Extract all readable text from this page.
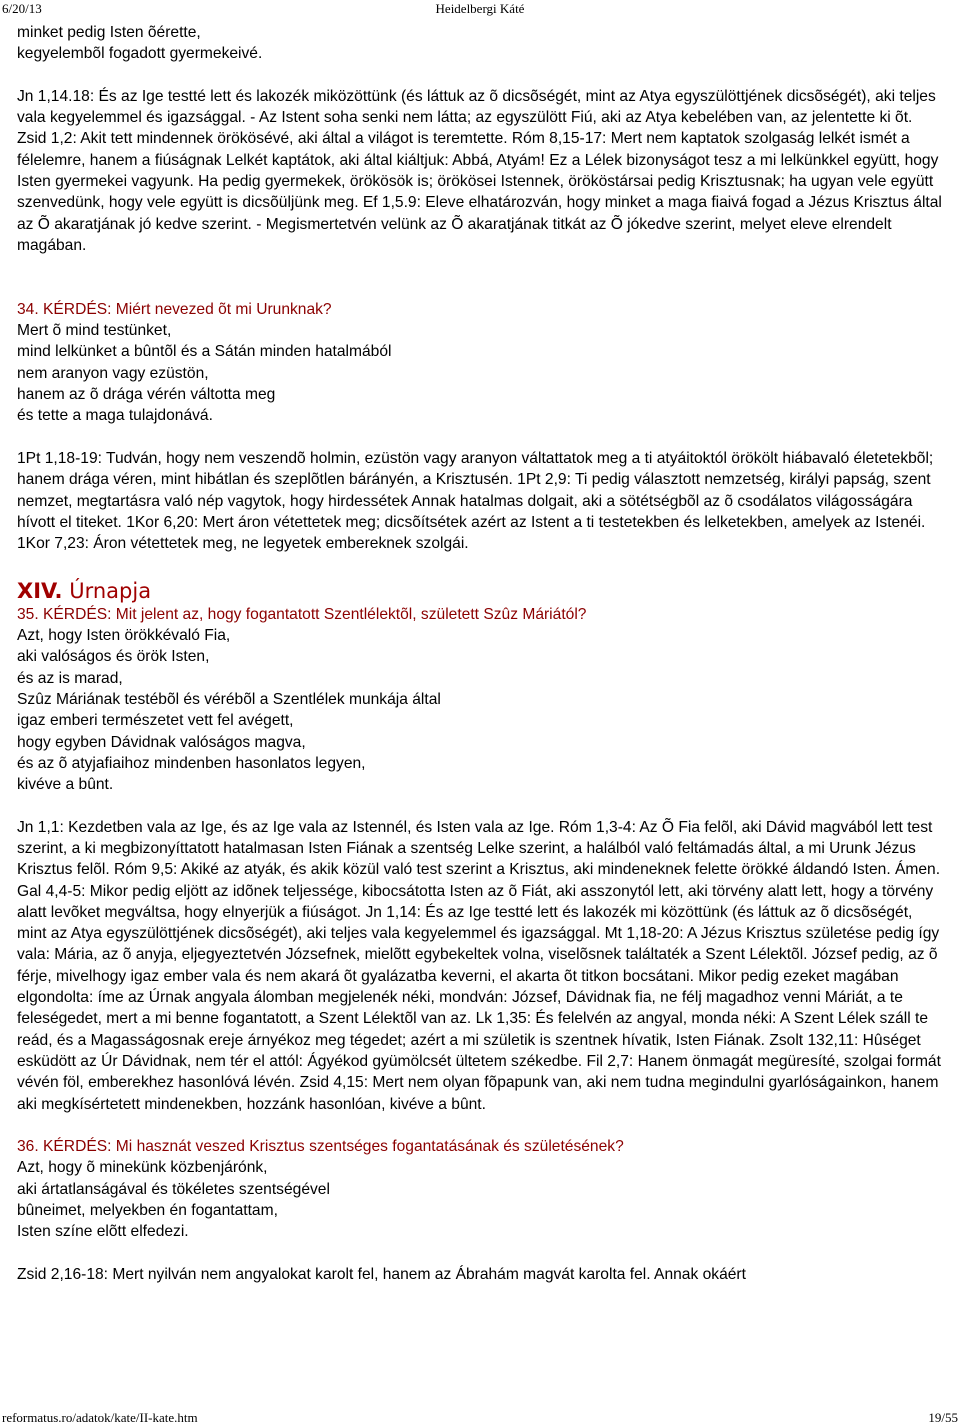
6/20/13	Heidelbergi Káté

minket pedig Isten õérette,

kegyelembõl fogadott gyermekeivé.

Jn 1,14.18: És az Ige testté lett és lakozék miközöttünk (és láttuk az õ dicsõségét, mint az Atya egyszülöttjének dicsõségét), aki teljes vala kegyelemmel és igazsággal. - Az Istent soha senki nem látta; az egyszülött Fiú, aki az Atya kebelében van, az jelentette ki õt. Zsid 1,2: Akit tett mindennek örökösévé, aki által a világot is teremtette. Róm 8,15-17: Mert nem kaptatok szolgaság lelkét ismét a félelemre, hanem a fiúságnak Lelkét kaptátok, aki által kiáltjuk: Abbá, Atyám! Ez a Lélek bizonyságot tesz a mi lelkünkkel együtt, hogy Isten gyermekei vagyunk. Ha pedig gyermekek, örökösök is; örökösei Istennek, örököstársai pedig Krisztusnak; ha ugyan vele együtt szenvedünk, hogy vele együtt is dicsõüljünk meg. Ef 1,5.9: Eleve elhatározván, hogy minket a maga fiaivá fogad a Jézus Krisztus által az Õ akaratjának jó kedve szerint. - Megismertetvén velünk az Õ akaratjának titkát az Õ jókedve szerint, melyet eleve elrendelt magában.

34. KÉRDÉS: Miért nevezed õt mi Urunknak?

Mert õ mind testünket,

mind lelkünket a bûntõl és a Sátán minden hatalmából

nem aranyon vagy ezüstön,

hanem az õ drága vérén váltotta meg

és tette a maga tulajdonává.

1Pt 1,18-19: Tudván, hogy nem veszendõ holmin, ezüstön vagy aranyon váltattatok meg a ti atyáitoktól örökölt hiábavaló életetekbõl; hanem drága véren, mint hibátlan és szeplõtlen bárányén, a Krisztusén. 1Pt 2,9: Ti pedig választott nemzetség, királyi papság, szent nemzet, megtartásra való nép vagytok, hogy hirdessétek Annak hatalmas dolgait, aki a sötétségbõl az õ csodálatos világosságára hívott el titeket. 1Kor 6,20: Mert áron vétettetek meg; dicsõítsétek azért az Istent a ti testetekben és lelketekben, amelyek az Istenéi. 1Kor 7,23: Áron vétettetek meg, ne legyetek embereknek szolgái.

XIV. Úrnapja

35. KÉRDÉS: Mit jelent az, hogy fogantatott Szentlélektõl, született Szûz Máriától?

Azt, hogy Isten örökkévaló Fia,

aki valóságos és örök Isten,

és az is marad,

Szûz Máriának testébõl és vérébõl a Szentlélek munkája által

igaz emberi természetet vett fel avégett,

hogy egyben Dávidnak valóságos magva,

és az õ atyjafiaihoz mindenben hasonlatos legyen,

kivéve a bûnt.

Jn 1,1: Kezdetben vala az Ige, és az Ige vala az Istennél, és Isten vala az Ige. Róm 1,3-4: Az Õ Fia felõl, aki Dávid magvából lett test szerint, a ki megbizonyíttatott hatalmasan Isten Fiának a szentség Lelke szerint, a halálból való feltámadás által, a mi Urunk Jézus Krisztus felõl. Róm 9,5: Akiké az atyák, és akik közül való test szerint a Krisztus, aki mindeneknek felette örökké áldandó Isten. Ámen. Gal 4,4-5: Mikor pedig eljött az idõnek teljessége, kibocsátotta Isten az õ Fiát, aki asszonytól lett, aki törvény alatt lett, hogy a törvény alatt levõket megváltsa, hogy elnyerjük a fiúságot. Jn 1,14: És az Ige testté lett és lakozék mi közöttünk (és láttuk az õ dicsõségét, mint az Atya egyszülöttjének dicsõségét), aki teljes vala kegyelemmel és igazsággal. Mt 1,18-20: A Jézus Krisztus születése pedig így vala: Mária, az õ anyja, eljegyeztetvén Józsefnek, mielõtt egybekeltek volna, viselõsnek találtaték a Szent Lélektõl. József pedig, az õ férje, mivelhogy igaz ember vala és nem akará õt gyalázatba keverni, el akarta õt titkon bocsátani. Mikor pedig ezeket magában elgondolta: íme az Úrnak angyala álomban megjelenék néki, mondván: József, Dávidnak fia, ne félj magadhoz venni Máriát, a te feleségedet, mert a mi benne fogantatott, a Szent Lélektõl van az. Lk 1,35: És felelvén az angyal, monda néki: A Szent Lélek száll te reád, és a Magasságosnak ereje árnyékoz meg tégedet; azért a mi születik is szentnek hívatik, Isten Fiának. Zsolt 132,11: Hûséget esküdött az Úr Dávidnak, nem tér el attól: Ágyékod gyümölcsét ültetem székedbe. Fil 2,7: Hanem önmagát megüresíté, szolgai formát vévén föl, emberekhez hasonlóvá lévén. Zsid 4,15: Mert nem olyan fõpapunk van, aki nem tudna megindulni gyarlóságainkon, hanem aki megkísértetett mindenekben, hozzánk hasonlóan, kivéve a bûnt.

36. KÉRDÉS: Mi hasznát veszed Krisztus szentséges fogantatásának és születésének?

Azt, hogy õ minekünk közbenjárónk,

aki ártatlanságával és tökéletes szentségével

bûneimet, melyekben én fogantattam,

Isten színe elõtt elfedezi.

Zsid 2,16-18: Mert nyilván nem angyalokat karolt fel, hanem az Ábrahám magvát karolta fel. Annak okáért

reformatus.ro/adatok/kate/II-kate.htm	19/55
